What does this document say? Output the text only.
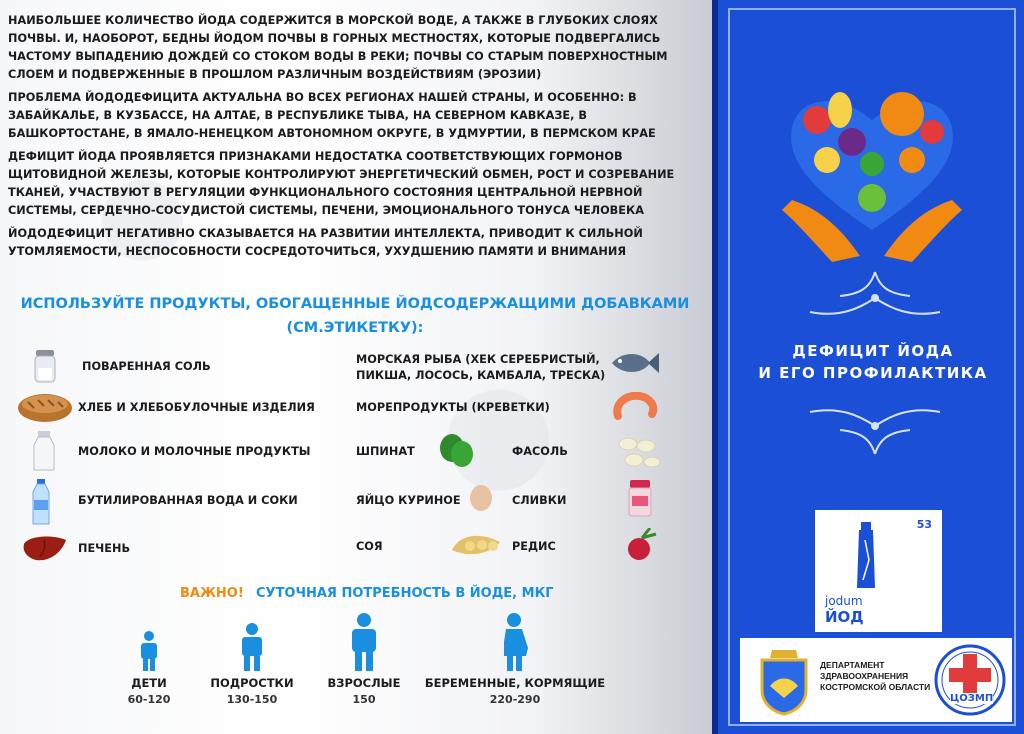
НАИБОЛЬШЕЕ КОЛИЧЕСТВО ЙОДА СОДЕРЖИТСЯ В МОРСКОЙ ВОДЕ, А ТАКЖЕ В ГЛУБОКИХ СЛОЯХ ПОЧВЫ. И, НАОБОРОТ, БЕДНЫ ЙОДОМ ПОЧВЫ В ГОРНЫХ МЕСТНОСТЯХ, КОТОРЫЕ ПОДВЕРГАЛИСЬ ЧАСТОМУ ВЫПАДЕНИЮ ДОЖДЕЙ СО СТОКОМ ВОДЫ В РЕКИ; ПОЧВЫ СО СТАРЫМ ПОВЕРХНОСТНЫМ СЛОЕМ И ПОДВЕРЖЕННЫЕ В ПРОШЛОМ РАЗЛИЧНЫМ ВОЗДЕЙСТВИЯМ (ЭРОЗИИ)

ПРОБЛЕМА ЙОДОДЕФИЦИТА АКТУАЛЬНА ВО ВСЕХ РЕГИОНАХ НАШЕЙ СТРАНЫ, И ОСОБЕННО: В ЗАБАЙКАЛЬЕ, В КУЗБАССЕ, НА АЛТАЕ, В РЕСПУБЛИКЕ ТЫВА, НА СЕВЕРНОМ КАВКАЗЕ, В БАШКОРТОСТАНЕ, В ЯМАЛО-НЕНЕЦКОМ АВТОНОМНОМ ОКРУГЕ, В УДМУРТИИ, В ПЕРМСКОМ КРАЕ

ДЕФИЦИТ ЙОДА ПРОЯВЛЯЕТСЯ ПРИЗНАКАМИ НЕДОСТАТКА СООТВЕТСТВУЮЩИХ ГОРМОНОВ ЩИТОВИДНОЙ ЖЕЛЕЗЫ, КОТОРЫЕ КОНТРОЛИРУЮТ ЭНЕРГЕТИЧЕСКИЙ ОБМЕН, РОСТ И СОЗРЕВАНИЕ ТКАНЕЙ, УЧАСТВУЮТ В РЕГУЛЯЦИИ ФУНКЦИОНАЛЬНОГО СОСТОЯНИЯ ЦЕНТРАЛЬНОЙ НЕРВНОЙ СИСТЕМЫ, СЕРДЕЧНО-СОСУДИСТОЙ СИСТЕМЫ, ПЕЧЕНИ, ЭМОЦИОНАЛЬНОГО ТОНУСА ЧЕЛОВЕКА

ЙОДОДЕФИЦИТ НЕГАТИВНО СКАЗЫВАЕТСЯ НА РАЗВИТИИ ИНТЕЛЛЕКТА, ПРИВОДИТ К СИЛЬНОЙ УТОМЛЯЕМОСТИ, НЕСПОСОБНОСТИ СОСРЕДОТОЧИТЬСЯ, УХУДШЕНИЮ ПАМЯТИ И ВНИМАНИЯ

ИСПОЛЬЗУЙТЕ ПРОДУКТЫ, ОБОГАЩЕННЫЕ ЙОДСОДЕРЖАЩИМИ ДОБАВКАМИ
(СМ.ЭТИКЕТКУ):
ПОВАРЕННАЯ СОЛЬ
ХЛЕБ И ХЛЕБОБУЛОЧНЫЕ ИЗДЕЛИЯ
МОЛОКО И МОЛОЧНЫЕ ПРОДУКТЫ
БУТИЛИРОВАННАЯ ВОДА И СОКИ
ПЕЧЕНЬ
МОРСКАЯ РЫБА (ХЕК СЕРЕБРИСТЫЙ,
ПИКША, ЛОСОСЬ, КАМБАЛА, ТРЕСКА)
МОРЕПРОДУКТЫ (КРЕВЕТКИ)
ШПИНАТ	ФАСОЛЬ
ЯЙЦО КУРИНОЕ	СЛИВКИ
СОЯ	РЕДИС
ВАЖНО! СУТОЧНАЯ ПОТРЕБНОСТЬ В ЙОДЕ, МКГ
ДЕТИ
60-120
ПОДРОСТКИ
130-150
ВЗРОСЛЫЕ
150
БЕРЕМЕННЫЕ, КОРМЯЩИЕ
220-290
ДЕФИЦИТ ЙОДА
И ЕГО ПРОФИЛАКТИКА
53
jodum
ЙОД
ДЕПАРТАМЕНТ
ЗДРАВООХРАНЕНИЯ
КОСТРОМСКОЙ ОБЛАСТИ
ЦОЗМП
